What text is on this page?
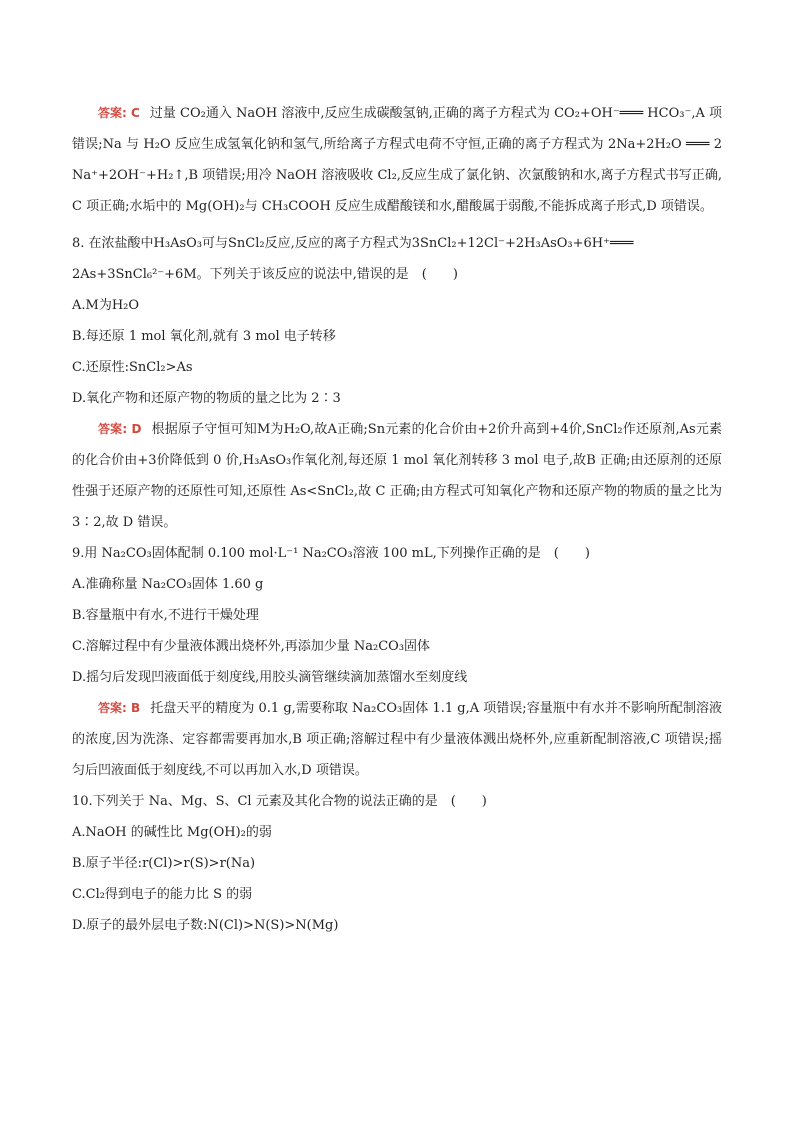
答案: C 过量 CO₂通入 NaOH 溶液中,反应生成碳酸氢钠,正确的离子方程式为 CO₂+OH⁻═══ HCO₃⁻,A 项错误;Na 与 H₂O 反应生成氢氧化钠和氢气,所给离子方程式电荷不守恒,正确的离子方程式为 2Na+2H₂O ═══ 2Na⁺+2OH⁻+H₂↑,B 项错误;用冷 NaOH 溶液吸收 Cl₂,反应生成了氯化钠、次氯酸钠和水,离子方程式书写正确,C 项正确;水垢中的 Mg(OH)₂与 CH₃COOH 反应生成醋酸镁和水,醋酸属于弱酸,不能拆成离子形式,D 项错误。

8. 在浓盐酸中H₃AsO₃可与SnCl₂反应,反应的离子方程式为3SnCl₂+12Cl⁻+2H₃AsO₃+6H⁺═══ 2As+3SnCl₆²⁻+6M。下列关于该反应的说法中,错误的是　(　　)

A.M为H₂O

B.每还原 1 mol 氧化剂,就有 3 mol 电子转移

C.还原性:SnCl₂>As

D.氧化产物和还原产物的物质的量之比为 2∶3

答案: D 根据原子守恒可知M为H₂O,故A正确;Sn元素的化合价由+2价升高到+4价,SnCl₂作还原剂,As元素的化合价由+3价降低到 0 价,H₃AsO₃作氧化剂,每还原 1 mol 氧化剂转移 3 mol 电子,故B 正确;由还原剂的还原性强于还原产物的还原性可知,还原性 As<SnCl₂,故 C 正确;由方程式可知氧化产物和还原产物的物质的量之比为 3∶2,故 D 错误。

9.用 Na₂CO₃固体配制 0.100 mol·L⁻¹ Na₂CO₃溶液 100 mL,下列操作正确的是　(　　)

A.准确称量 Na₂CO₃固体 1.60 g

B.容量瓶中有水,不进行干燥处理

C.溶解过程中有少量液体溅出烧杯外,再添加少量 Na₂CO₃固体

D.摇匀后发现凹液面低于刻度线,用胶头滴管继续滴加蒸馏水至刻度线

答案: B 托盘天平的精度为 0.1 g,需要称取 Na₂CO₃固体 1.1 g,A 项错误;容量瓶中有水并不影响所配制溶液的浓度,因为洗涤、定容都需要再加水,B 项正确;溶解过程中有少量液体溅出烧杯外,应重新配制溶液,C 项错误;摇匀后凹液面低于刻度线,不可以再加入水,D 项错误。

10.下列关于 Na、Mg、S、Cl 元素及其化合物的说法正确的是　(　　)

A.NaOH 的碱性比 Mg(OH)₂的弱

B.原子半径:r(Cl)>r(S)>r(Na)

C.Cl₂得到电子的能力比 S 的弱

D.原子的最外层电子数:N(Cl)>N(S)>N(Mg)
